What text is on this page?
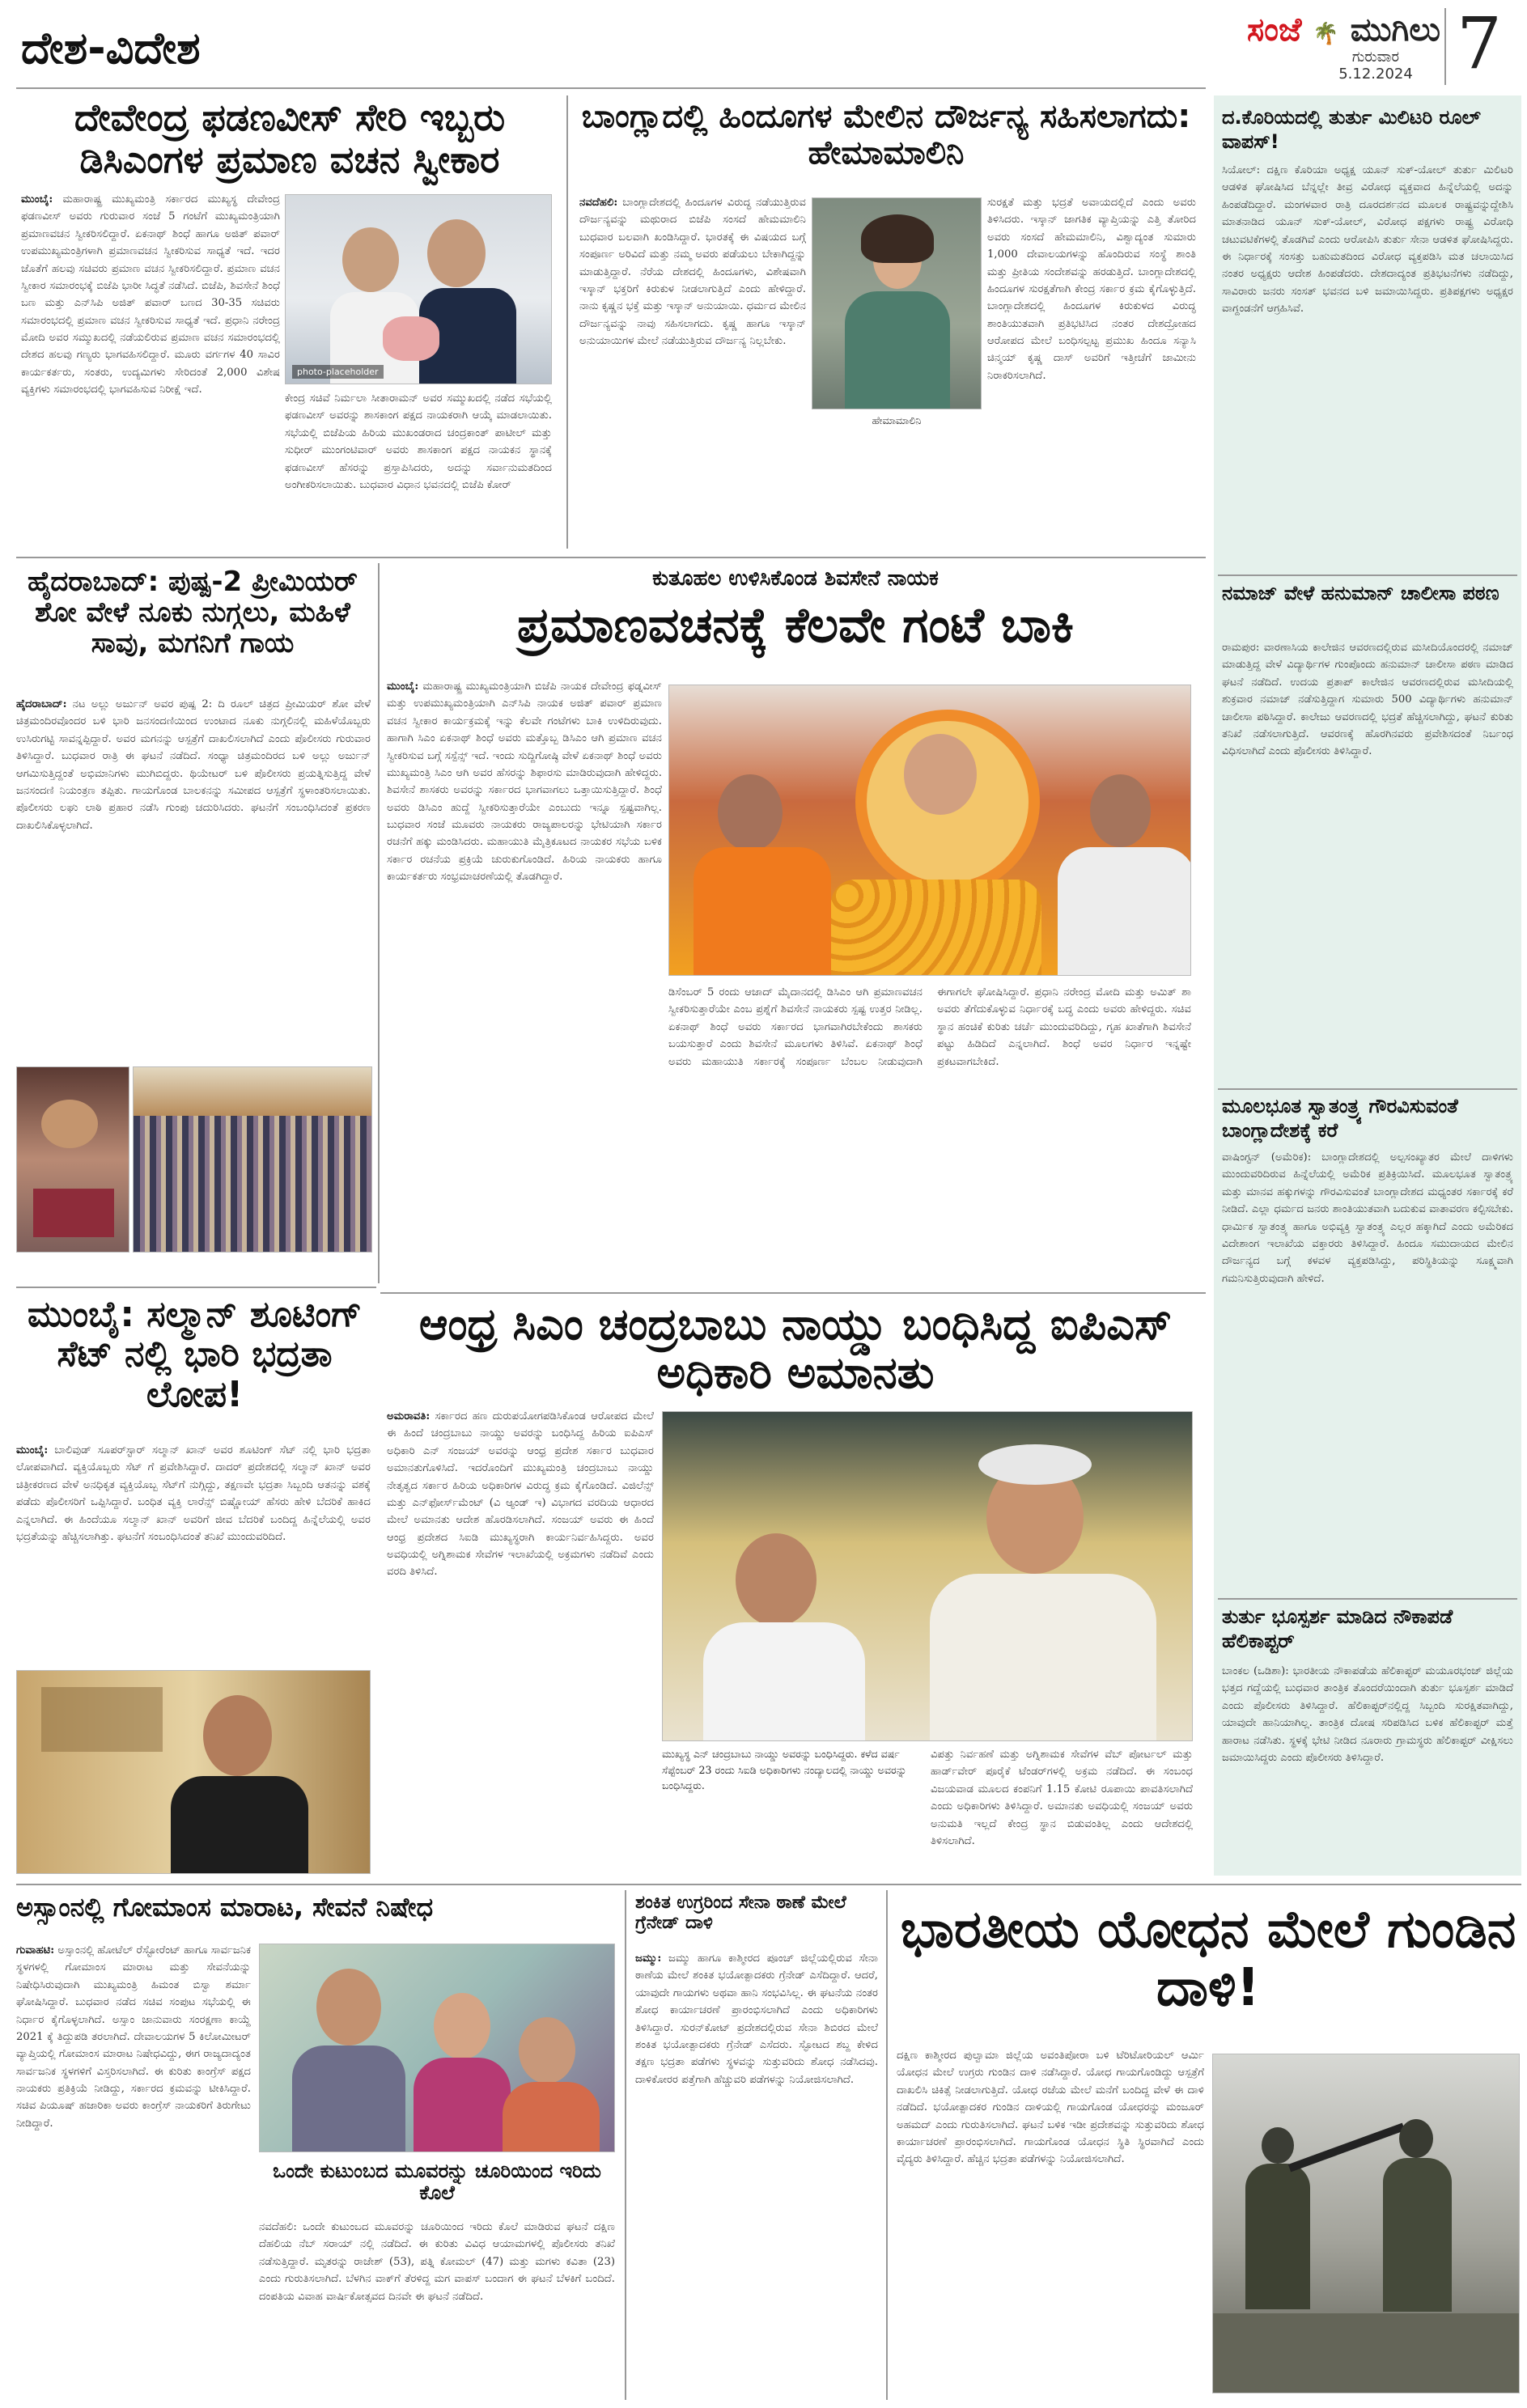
ದೇಶ-ವಿದೇಶ	ಸಂಜೆ 🌴 ಮುಗಿಲು
ಗುರುವಾರ
5.12.2024 7
ದೇವೇಂದ್ರ ಫಡಣವೀಸ್ ಸೇರಿ ಇಬ್ಬರು ಡಿಸಿಎಂಗಳ ಪ್ರಮಾಣ ವಚನ ಸ್ವೀಕಾರ
ಮುಂಬೈ: ಮಹಾರಾಷ್ಟ್ರ ಮುಖ್ಯಮಂತ್ರಿ ಸರ್ಕಾರದ ಮುಖ್ಯಸ್ಥ ದೇವೇಂದ್ರ ಫಡಣವೀಸ್ ಅವರು ಗುರುವಾರ ಸಂಜೆ 5 ಗಂಟೆಗೆ ಮುಖ್ಯಮಂತ್ರಿಯಾಗಿ ಪ್ರಮಾಣವಚನ ಸ್ವೀಕರಿಸಲಿದ್ದಾರೆ. ಏಕನಾಥ್ ಶಿಂಧೆ ಹಾಗೂ ಅಜಿತ್ ಪವಾರ್ ಉಪಮುಖ್ಯಮಂತ್ರಿಗಳಾಗಿ ಪ್ರಮಾಣವಚನ ಸ್ವೀಕರಿಸುವ ಸಾಧ್ಯತೆ ಇದೆ. ಇದರ ಜೊತೆಗೆ ಹಲವು ಸಚಿವರು ಪ್ರಮಾಣ ವಚನ ಸ್ವೀಕರಿಸಲಿದ್ದಾರೆ. ಪ್ರಮಾಣ ವಚನ ಸ್ವೀಕಾರ ಸಮಾರಂಭಕ್ಕೆ ಬಿಜೆಪಿ ಭಾರೀ ಸಿದ್ಧತೆ ನಡೆಸಿದೆ. ಬಿಜೆಪಿ, ಶಿವಸೇನೆ ಶಿಂಧೆ ಬಣ ಮತ್ತು ಎನ್‌ಸಿಪಿ ಅಜಿತ್ ಪವಾರ್ ಬಣದ 30-35 ಸಚಿವರು ಸಮಾರಂಭದಲ್ಲಿ ಪ್ರಮಾಣ ವಚನ ಸ್ವೀಕರಿಸುವ ಸಾಧ್ಯತೆ ಇದೆ. ಪ್ರಧಾನಿ ನರೇಂದ್ರ ಮೋದಿ ಅವರ ಸಮ್ಮುಖದಲ್ಲಿ ನಡೆಯಲಿರುವ ಪ್ರಮಾಣ ವಚನ ಸಮಾರಂಭದಲ್ಲಿ ದೇಶದ ಹಲವು ಗಣ್ಯರು ಭಾಗವಹಿಸಲಿದ್ದಾರೆ. ಮೂರು ವರ್ಗಗಳ 40 ಸಾವಿರ ಕಾರ್ಯಕರ್ತರು, ಸಂತರು, ಉದ್ಯಮಿಗಳು ಸೇರಿದಂತೆ 2,000 ವಿಶೇಷ ವ್ಯಕ್ತಿಗಳು ಸಮಾರಂಭದಲ್ಲಿ ಭಾಗವಹಿಸುವ ನಿರೀಕ್ಷೆ ಇದೆ.
photo-placeholder
ಕೇಂದ್ರ ಸಚಿವೆ ನಿರ್ಮಲಾ ಸೀತಾರಾಮನ್ ಅವರ ಸಮ್ಮುಖದಲ್ಲಿ ನಡೆದ ಸಭೆಯಲ್ಲಿ ಫಡಣವೀಸ್ ಅವರನ್ನು ಶಾಸಕಾಂಗ ಪಕ್ಷದ ನಾಯಕರಾಗಿ ಆಯ್ಕೆ ಮಾಡಲಾಯಿತು. ಸಭೆಯಲ್ಲಿ ಬಿಜೆಪಿಯ ಹಿರಿಯ ಮುಖಂಡರಾದ ಚಂದ್ರಕಾಂತ್ ಪಾಟೀಲ್ ಮತ್ತು ಸುಧೀರ್ ಮುಂಗಂಟಿವಾರ್ ಅವರು ಶಾಸಕಾಂಗ ಪಕ್ಷದ ನಾಯಕನ ಸ್ಥಾನಕ್ಕೆ ಫಡಣವೀಸ್ ಹೆಸರನ್ನು ಪ್ರಸ್ತಾಪಿಸಿದರು, ಅದನ್ನು ಸರ್ವಾನುಮತದಿಂದ ಅಂಗೀಕರಿಸಲಾಯಿತು. ಬುಧವಾರ ವಿಧಾನ ಭವನದಲ್ಲಿ ಬಿಜೆಪಿ ಕೋರ್
ಬಾಂಗ್ಲಾದಲ್ಲಿ ಹಿಂದೂಗಳ ಮೇಲಿನ ದೌರ್ಜನ್ಯ ಸಹಿಸಲಾಗದು: ಹೇಮಾಮಾಲಿನಿ
ನವದೆಹಲಿ: ಬಾಂಗ್ಲಾದೇಶದಲ್ಲಿ ಹಿಂದೂಗಳ ವಿರುದ್ಧ ನಡೆಯುತ್ತಿರುವ ದೌರ್ಜನ್ಯವನ್ನು ಮಥುರಾದ ಬಿಜೆಪಿ ಸಂಸದೆ ಹೇಮಮಾಲಿನಿ ಬುಧವಾರ ಬಲವಾಗಿ ಖಂಡಿಸಿದ್ದಾರೆ. ಭಾರತಕ್ಕೆ ಈ ವಿಷಯದ ಬಗ್ಗೆ ಸಂಪೂರ್ಣ ಅರಿವಿದೆ ಮತ್ತು ನಮ್ಮ ಅವರು ಪಡೆಯಲು ಬೇಕಾಗಿದ್ದನ್ನು ಮಾಡುತ್ತಿದ್ದಾರೆ. ನೆರೆಯ ದೇಶದಲ್ಲಿ ಹಿಂದೂಗಳು, ವಿಶೇಷವಾಗಿ ಇಸ್ಕಾನ್ ಭಕ್ತರಿಗೆ ಕಿರುಕುಳ ನೀಡಲಾಗುತ್ತಿದೆ ಎಂದು ಹೇಳಿದ್ದಾರೆ. ನಾನು ಕೃಷ್ಣನ ಭಕ್ತೆ ಮತ್ತು ಇಸ್ಕಾನ್ ಅನುಯಾಯಿ. ಧರ್ಮದ ಮೇಲಿನ ದೌರ್ಜನ್ಯವನ್ನು ನಾವು ಸಹಿಸಲಾಗದು. ಕೃಷ್ಣ ಹಾಗೂ ಇಸ್ಕಾನ್ ಅನುಯಾಯಿಗಳ ಮೇಲೆ ನಡೆಯುತ್ತಿರುವ ದೌರ್ಜನ್ಯ ನಿಲ್ಲಬೇಕು.
ಹೇಮಾಮಾಲಿನಿ
ಸುರಕ್ಷತೆ ಮತ್ತು ಭದ್ರತೆ ಅವಾಯದಲ್ಲಿದೆ ಎಂದು ಅವರು ತಿಳಿಸಿದರು. ಇಸ್ಕಾನ್ ಜಾಗತಿಕ ವ್ಯಾಪ್ತಿಯನ್ನು ಎತ್ತಿ ತೋರಿದ ಅವರು ಸಂಸದೆ ಹೇಮಮಾಲಿನಿ, ವಿಶ್ವಾದ್ಯಂತ ಸುಮಾರು 1,000 ದೇವಾಲಯಗಳನ್ನು ಹೊಂದಿರುವ ಸಂಸ್ಥೆ ಶಾಂತಿ ಮತ್ತು ಪ್ರೀತಿಯ ಸಂದೇಶವನ್ನು ಹರಡುತ್ತಿದೆ. ಬಾಂಗ್ಲಾದೇಶದಲ್ಲಿ ಹಿಂದೂಗಳ ಸುರಕ್ಷತೆಗಾಗಿ ಕೇಂದ್ರ ಸರ್ಕಾರ ಕ್ರಮ ಕೈಗೊಳ್ಳುತ್ತಿದೆ. ಬಾಂಗ್ಲಾದೇಶದಲ್ಲಿ ಹಿಂದೂಗಳ ಕಿರುಕುಳದ ವಿರುದ್ಧ ಶಾಂತಿಯುತವಾಗಿ ಪ್ರತಿಭಟಿಸಿದ ನಂತರ ದೇಶದ್ರೋಹದ ಆರೋಪದ ಮೇಲೆ ಬಂಧಿಸಲ್ಪಟ್ಟ ಪ್ರಮುಖ ಹಿಂದೂ ಸನ್ಯಾಸಿ ಚಿನ್ಮಯ್ ಕೃಷ್ಣ ದಾಸ್ ಅವರಿಗೆ ಇತ್ತೀಚೆಗೆ ಜಾಮೀನು ನಿರಾಕರಿಸಲಾಗಿದೆ.
ದ.ಕೊರಿಯದಲ್ಲಿ ತುರ್ತು ಮಿಲಿಟರಿ ರೂಲ್ ವಾಪಸ್!
ಸಿಯೋಲ್: ದಕ್ಷಿಣ ಕೊರಿಯಾ ಅಧ್ಯಕ್ಷ ಯೂನ್ ಸುಕ್-ಯೋಲ್ ತುರ್ತು ಮಿಲಿಟರಿ ಆಡಳಿತ ಘೋಷಿಸಿದ ಬೆನ್ನಲ್ಲೇ ತೀವ್ರ ವಿರೋಧ ವ್ಯಕ್ತವಾದ ಹಿನ್ನೆಲೆಯಲ್ಲಿ ಅದನ್ನು ಹಿಂಪಡೆದಿದ್ದಾರೆ. ಮಂಗಳವಾರ ರಾತ್ರಿ ದೂರದರ್ಶನದ ಮೂಲಕ ರಾಷ್ಟ್ರವನ್ನುದ್ದೇಶಿಸಿ ಮಾತನಾಡಿದ ಯೂನ್ ಸುಕ್-ಯೋಲ್, ವಿರೋಧ ಪಕ್ಷಗಳು ರಾಷ್ಟ್ರ ವಿರೋಧಿ ಚಟುವಟಿಕೆಗಳಲ್ಲಿ ತೊಡಗಿವೆ ಎಂದು ಆರೋಪಿಸಿ ತುರ್ತು ಸೇನಾ ಆಡಳಿತ ಘೋಷಿಸಿದ್ದರು. ಈ ನಿರ್ಧಾರಕ್ಕೆ ಸಂಸತ್ತು ಬಹುಮತದಿಂದ ವಿರೋಧ ವ್ಯಕ್ತಪಡಿಸಿ ಮತ ಚಲಾಯಿಸಿದ ನಂತರ ಅಧ್ಯಕ್ಷರು ಆದೇಶ ಹಿಂಪಡೆದರು. ದೇಶದಾದ್ಯಂತ ಪ್ರತಿಭಟನೆಗಳು ನಡೆದಿದ್ದು, ಸಾವಿರಾರು ಜನರು ಸಂಸತ್ ಭವನದ ಬಳಿ ಜಮಾಯಿಸಿದ್ದರು. ಪ್ರತಿಪಕ್ಷಗಳು ಅಧ್ಯಕ್ಷರ ವಾಗ್ದಂಡನೆಗೆ ಆಗ್ರಹಿಸಿವೆ.
ನಮಾಜ್ ವೇಳೆ ಹನುಮಾನ್ ಚಾಲೀಸಾ ಪಠಣ
ರಾಮಪುರ: ವಾರಣಾಸಿಯ ಕಾಲೇಜಿನ ಆವರಣದಲ್ಲಿರುವ ಮಸೀದಿಯೊಂದರಲ್ಲಿ ನಮಾಜ್ ಮಾಡುತ್ತಿದ್ದ ವೇಳೆ ವಿದ್ಯಾರ್ಥಿಗಳ ಗುಂಪೊಂದು ಹನುಮಾನ್ ಚಾಲೀಸಾ ಪಠಣ ಮಾಡಿದ ಘಟನೆ ನಡೆದಿದೆ. ಉದಯ ಪ್ರತಾಪ್ ಕಾಲೇಜಿನ ಆವರಣದಲ್ಲಿರುವ ಮಸೀದಿಯಲ್ಲಿ ಶುಕ್ರವಾರ ನಮಾಜ್ ನಡೆಸುತ್ತಿದ್ದಾಗ ಸುಮಾರು 500 ವಿದ್ಯಾರ್ಥಿಗಳು ಹನುಮಾನ್ ಚಾಲೀಸಾ ಪಠಿಸಿದ್ದಾರೆ. ಕಾಲೇಜು ಆವರಣದಲ್ಲಿ ಭದ್ರತೆ ಹೆಚ್ಚಿಸಲಾಗಿದ್ದು, ಘಟನೆ ಕುರಿತು ತನಿಖೆ ನಡೆಸಲಾಗುತ್ತಿದೆ. ಆವರಣಕ್ಕೆ ಹೊರಗಿನವರು ಪ್ರವೇಶಿಸದಂತೆ ನಿರ್ಬಂಧ ವಿಧಿಸಲಾಗಿದೆ ಎಂದು ಪೊಲೀಸರು ತಿಳಿಸಿದ್ದಾರೆ.
ಮೂಲಭೂತ ಸ್ವಾತಂತ್ರ್ಯ ಗೌರವಿಸುವಂತೆ ಬಾಂಗ್ಲಾದೇಶಕ್ಕೆ ಕರೆ
ವಾಷಿಂಗ್ಟನ್ (ಅಮೆರಿಕ): ಬಾಂಗ್ಲಾದೇಶದಲ್ಲಿ ಅಲ್ಪಸಂಖ್ಯಾತರ ಮೇಲೆ ದಾಳಿಗಳು ಮುಂದುವರಿದಿರುವ ಹಿನ್ನೆಲೆಯಲ್ಲಿ ಅಮೆರಿಕ ಪ್ರತಿಕ್ರಿಯಿಸಿದೆ. ಮೂಲಭೂತ ಸ್ವಾತಂತ್ರ್ಯ ಮತ್ತು ಮಾನವ ಹಕ್ಕುಗಳನ್ನು ಗೌರವಿಸುವಂತೆ ಬಾಂಗ್ಲಾದೇಶದ ಮಧ್ಯಂತರ ಸರ್ಕಾರಕ್ಕೆ ಕರೆ ನೀಡಿದೆ. ಎಲ್ಲಾ ಧರ್ಮದ ಜನರು ಶಾಂತಿಯುತವಾಗಿ ಬದುಕುವ ವಾತಾವರಣ ಕಲ್ಪಿಸಬೇಕು. ಧಾರ್ಮಿಕ ಸ್ವಾತಂತ್ರ್ಯ ಹಾಗೂ ಅಭಿವ್ಯಕ್ತಿ ಸ್ವಾತಂತ್ರ್ಯ ಎಲ್ಲರ ಹಕ್ಕಾಗಿದೆ ಎಂದು ಅಮೆರಿಕದ ವಿದೇಶಾಂಗ ಇಲಾಖೆಯ ವಕ್ತಾರರು ತಿಳಿಸಿದ್ದಾರೆ. ಹಿಂದೂ ಸಮುದಾಯದ ಮೇಲಿನ ದೌರ್ಜನ್ಯದ ಬಗ್ಗೆ ಕಳವಳ ವ್ಯಕ್ತಪಡಿಸಿದ್ದು, ಪರಿಸ್ಥಿತಿಯನ್ನು ಸೂಕ್ಷ್ಮವಾಗಿ ಗಮನಿಸುತ್ತಿರುವುದಾಗಿ ಹೇಳಿದೆ.
ತುರ್ತು ಭೂಸ್ಪರ್ಶ ಮಾಡಿದ ನೌಕಾಪಡೆ ಹೆಲಿಕಾಪ್ಟರ್
ಬಾಂಕಲ (ಒಡಿಶಾ): ಭಾರತೀಯ ನೌಕಾಪಡೆಯ ಹೆಲಿಕಾಪ್ಟರ್ ಮಯೂರಭಂಜ್ ಜಿಲ್ಲೆಯ ಭತ್ತದ ಗದ್ದೆಯಲ್ಲಿ ಬುಧವಾರ ತಾಂತ್ರಿಕ ತೊಂದರೆಯಿಂದಾಗಿ ತುರ್ತು ಭೂಸ್ಪರ್ಶ ಮಾಡಿದೆ ಎಂದು ಪೊಲೀಸರು ತಿಳಿಸಿದ್ದಾರೆ. ಹೆಲಿಕಾಪ್ಟರ್‌ನಲ್ಲಿದ್ದ ಸಿಬ್ಬಂದಿ ಸುರಕ್ಷಿತವಾಗಿದ್ದು, ಯಾವುದೇ ಹಾನಿಯಾಗಿಲ್ಲ. ತಾಂತ್ರಿಕ ದೋಷ ಸರಿಪಡಿಸಿದ ಬಳಿಕ ಹೆಲಿಕಾಪ್ಟರ್ ಮತ್ತೆ ಹಾರಾಟ ನಡೆಸಿತು. ಸ್ಥಳಕ್ಕೆ ಭೇಟಿ ನೀಡಿದ ನೂರಾರು ಗ್ರಾಮಸ್ಥರು ಹೆಲಿಕಾಪ್ಟರ್ ವೀಕ್ಷಿಸಲು ಜಮಾಯಿಸಿದ್ದರು ಎಂದು ಪೊಲೀಸರು ತಿಳಿಸಿದ್ದಾರೆ.
ಹೈದರಾಬಾದ್: ಪುಷ್ಪ-2 ಪ್ರೀಮಿಯರ್ ಶೋ ವೇಳೆ ನೂಕು ನುಗ್ಗಲು, ಮಹಿಳೆ ಸಾವು, ಮಗನಿಗೆ ಗಾಯ
ಹೈದರಾಬಾದ್: ನಟ ಅಲ್ಲು ಅರ್ಜುನ್ ಅವರ ಪುಷ್ಪ 2: ದಿ ರೂಲ್ ಚಿತ್ರದ ಪ್ರೀಮಿಯರ್ ಶೋ ವೇಳೆ ಚಿತ್ರಮಂದಿರವೊಂದರ ಬಳಿ ಭಾರಿ ಜನಸಂದಣಿಯಿಂದ ಉಂಟಾದ ನೂಕು ನುಗ್ಗಲಿನಲ್ಲಿ ಮಹಿಳೆಯೊಬ್ಬರು ಉಸಿರುಗಟ್ಟಿ ಸಾವನ್ನಪ್ಪಿದ್ದಾರೆ. ಅವರ ಮಗನನ್ನು ಆಸ್ಪತ್ರೆಗೆ ದಾಖಲಿಸಲಾಗಿದೆ ಎಂದು ಪೊಲೀಸರು ಗುರುವಾರ ತಿಳಿಸಿದ್ದಾರೆ. ಬುಧವಾರ ರಾತ್ರಿ ಈ ಘಟನೆ ನಡೆದಿದೆ. ಸಂಧ್ಯಾ ಚಿತ್ರಮಂದಿರದ ಬಳಿ ಅಲ್ಲು ಅರ್ಜುನ್ ಆಗಮಿಸುತ್ತಿದ್ದಂತೆ ಅಭಿಮಾನಿಗಳು ಮುಗಿಬಿದ್ದರು. ಥಿಯೇಟರ್ ಬಳಿ ಪೊಲೀಸರು ಪ್ರಯತ್ನಿಸುತ್ತಿದ್ದ ವೇಳೆ ಜನಸಂದಣಿ ನಿಯಂತ್ರಣ ತಪ್ಪಿತು. ಗಾಯಗೊಂಡ ಬಾಲಕನನ್ನು ಸಮೀಪದ ಆಸ್ಪತ್ರೆಗೆ ಸ್ಥಳಾಂತರಿಸಲಾಯಿತು. ಪೊಲೀಸರು ಲಘು ಲಾಠಿ ಪ್ರಹಾರ ನಡೆಸಿ ಗುಂಪು ಚದುರಿಸಿದರು. ಘಟನೆಗೆ ಸಂಬಂಧಿಸಿದಂತೆ ಪ್ರಕರಣ ದಾಖಲಿಸಿಕೊಳ್ಳಲಾಗಿದೆ.
ಕುತೂಹಲ ಉಳಿಸಿಕೊಂಡ ಶಿವಸೇನೆ ನಾಯಕ
ಪ್ರಮಾಣವಚನಕ್ಕೆ ಕೆಲವೇ ಗಂಟೆ ಬಾಕಿ
ಮುಂಬೈ: ಮಹಾರಾಷ್ಟ್ರ ಮುಖ್ಯಮಂತ್ರಿಯಾಗಿ ಬಿಜೆಪಿ ನಾಯಕ ದೇವೇಂದ್ರ ಫಡ್ನವೀಸ್ ಮತ್ತು ಉಪಮುಖ್ಯಮಂತ್ರಿಯಾಗಿ ಎನ್‌ಸಿಪಿ ನಾಯಕ ಅಜಿತ್ ಪವಾರ್ ಪ್ರಮಾಣ ವಚನ ಸ್ವೀಕಾರ ಕಾರ್ಯಕ್ರಮಕ್ಕೆ ಇನ್ನು ಕೆಲವೇ ಗಂಟೆಗಳು ಬಾಕಿ ಉಳಿದಿರುವುದು. ಹಾಗಾಗಿ ಸಿಎಂ ಏಕನಾಥ್ ಶಿಂಧೆ ಅವರು ಮತ್ತೊಬ್ಬ ಡಿಸಿಎಂ ಆಗಿ ಪ್ರಮಾಣ ವಚನ ಸ್ವೀಕರಿಸುವ ಬಗ್ಗೆ ಸಸ್ಪೆನ್ಸ್ ಇದೆ. ಇಂದು ಸುದ್ದಿಗೋಷ್ಠಿ ವೇಳೆ ಏಕನಾಥ್ ಶಿಂಧೆ ಅವರು ಮುಖ್ಯಮಂತ್ರಿ ಸಿಎಂ ಆಗಿ ಅವರ ಹೆಸರನ್ನು ಶಿಫಾರಸು ಮಾಡಿರುವುದಾಗಿ ಹೇಳಿದ್ದರು. ಶಿವಸೇನೆ ಶಾಸಕರು ಅವರನ್ನು ಸರ್ಕಾರದ ಭಾಗವಾಗಲು ಒತ್ತಾಯಿಸುತ್ತಿದ್ದಾರೆ. ಶಿಂಧೆ ಅವರು ಡಿಸಿಎಂ ಹುದ್ದೆ ಸ್ವೀಕರಿಸುತ್ತಾರೆಯೇ ಎಂಬುದು ಇನ್ನೂ ಸ್ಪಷ್ಟವಾಗಿಲ್ಲ. ಬುಧವಾರ ಸಂಜೆ ಮೂವರು ನಾಯಕರು ರಾಜ್ಯಪಾಲರನ್ನು ಭೇಟಿಯಾಗಿ ಸರ್ಕಾರ ರಚನೆಗೆ ಹಕ್ಕು ಮಂಡಿಸಿದರು. ಮಹಾಯುತಿ ಮೈತ್ರಿಕೂಟದ ನಾಯಕರ ಸಭೆಯ ಬಳಿಕ ಸರ್ಕಾರ ರಚನೆಯ ಪ್ರಕ್ರಿಯೆ ಚುರುಕುಗೊಂಡಿದೆ. ಹಿರಿಯ ನಾಯಕರು ಹಾಗೂ ಕಾರ್ಯಕರ್ತರು ಸಂಭ್ರಮಾಚರಣೆಯಲ್ಲಿ ತೊಡಗಿದ್ದಾರೆ.
ಡಿಸೆಂಬರ್ 5 ರಂದು ಆಜಾದ್ ಮೈದಾನದಲ್ಲಿ ಡಿಸಿಎಂ ಆಗಿ ಪ್ರಮಾಣವಚನ ಸ್ವೀಕರಿಸುತ್ತಾರೆಯೇ ಎಂಬ ಪ್ರಶ್ನೆಗೆ ಶಿವಸೇನೆ ನಾಯಕರು ಸ್ಪಷ್ಟ ಉತ್ತರ ನೀಡಿಲ್ಲ. ಏಕನಾಥ್ ಶಿಂಧೆ ಅವರು ಸರ್ಕಾರದ ಭಾಗವಾಗಿರಬೇಕೆಂದು ಶಾಸಕರು ಬಯಸುತ್ತಾರೆ ಎಂದು ಶಿವಸೇನೆ ಮೂಲಗಳು ತಿಳಿಸಿವೆ. ಏಕನಾಥ್ ಶಿಂಧೆ ಅವರು ಮಹಾಯುತಿ ಸರ್ಕಾರಕ್ಕೆ ಸಂಪೂರ್ಣ ಬೆಂಬಲ ನೀಡುವುದಾಗಿ ಈಗಾಗಲೇ ಘೋಷಿಸಿದ್ದಾರೆ. ಪ್ರಧಾನಿ ನರೇಂದ್ರ ಮೋದಿ ಮತ್ತು ಅಮಿತ್ ಶಾ ಅವರು ತೆಗೆದುಕೊಳ್ಳುವ ನಿರ್ಧಾರಕ್ಕೆ ಬದ್ಧ ಎಂದು ಅವರು ಹೇಳಿದ್ದರು. ಸಚಿವ ಸ್ಥಾನ ಹಂಚಿಕೆ ಕುರಿತು ಚರ್ಚೆ ಮುಂದುವರಿದಿದ್ದು, ಗೃಹ ಖಾತೆಗಾಗಿ ಶಿವಸೇನೆ ಪಟ್ಟು ಹಿಡಿದಿದೆ ಎನ್ನಲಾಗಿದೆ. ಶಿಂಧೆ ಅವರ ನಿರ್ಧಾರ ಇನ್ನಷ್ಟೇ ಪ್ರಕಟವಾಗಬೇಕಿದೆ.
ಮುಂಬೈ: ಸಲ್ಮಾನ್ ಶೂಟಿಂಗ್ ಸೆಟ್ ನಲ್ಲಿ ಭಾರಿ ಭದ್ರತಾ ಲೋಪ!
ಮುಂಬೈ: ಬಾಲಿವುಡ್ ಸೂಪರ್‌ಸ್ಟಾರ್ ಸಲ್ಮಾನ್ ಖಾನ್ ಅವರ ಶೂಟಿಂಗ್ ಸೆಟ್ ನಲ್ಲಿ ಭಾರಿ ಭದ್ರತಾ ಲೋಪವಾಗಿದೆ. ವ್ಯಕ್ತಿಯೊಬ್ಬರು ಸೆಟ್ ಗೆ ಪ್ರವೇಶಿಸಿದ್ದಾರೆ. ದಾದರ್ ಪ್ರದೇಶದಲ್ಲಿ ಸಲ್ಮಾನ್ ಖಾನ್ ಅವರ ಚಿತ್ರೀಕರಣದ ವೇಳೆ ಅನಧಿಕೃತ ವ್ಯಕ್ತಿಯೊಬ್ಬ ಸೆಟ್‌ಗೆ ನುಗ್ಗಿದ್ದು, ತಕ್ಷಣವೇ ಭದ್ರತಾ ಸಿಬ್ಬಂದಿ ಆತನನ್ನು ವಶಕ್ಕೆ ಪಡೆದು ಪೊಲೀಸರಿಗೆ ಒಪ್ಪಿಸಿದ್ದಾರೆ. ಬಂಧಿತ ವ್ಯಕ್ತಿ ಲಾರೆನ್ಸ್ ಬಿಷ್ಣೋಯ್ ಹೆಸರು ಹೇಳಿ ಬೆದರಿಕೆ ಹಾಕಿದ ಎನ್ನಲಾಗಿದೆ. ಈ ಹಿಂದೆಯೂ ಸಲ್ಮಾನ್ ಖಾನ್ ಅವರಿಗೆ ಜೀವ ಬೆದರಿಕೆ ಬಂದಿದ್ದ ಹಿನ್ನೆಲೆಯಲ್ಲಿ ಅವರ ಭದ್ರತೆಯನ್ನು ಹೆಚ್ಚಿಸಲಾಗಿತ್ತು. ಘಟನೆಗೆ ಸಂಬಂಧಿಸಿದಂತೆ ತನಿಖೆ ಮುಂದುವರಿದಿದೆ.
ಆಂಧ್ರ ಸಿಎಂ ಚಂದ್ರಬಾಬು ನಾಯ್ಡು ಬಂಧಿಸಿದ್ದ ಐಪಿಎಸ್ ಅಧಿಕಾರಿ ಅಮಾನತು
ಅಮರಾವತಿ: ಸರ್ಕಾರದ ಹಣ ದುರುಪಯೋಗಪಡಿಸಿಕೊಂಡ ಆರೋಪದ ಮೇಲೆ ಈ ಹಿಂದೆ ಚಂದ್ರಬಾಬು ನಾಯ್ಡು ಅವರನ್ನು ಬಂಧಿಸಿದ್ದ ಹಿರಿಯ ಐಪಿಎಸ್ ಅಧಿಕಾರಿ ಎನ್ ಸಂಜಯ್ ಅವರನ್ನು ಆಂಧ್ರ ಪ್ರದೇಶ ಸರ್ಕಾರ ಬುಧವಾರ ಅಮಾನತುಗೊಳಿಸಿದೆ. ಇದರೊಂದಿಗೆ ಮುಖ್ಯಮಂತ್ರಿ ಚಂದ್ರಬಾಬು ನಾಯ್ಡು ನೇತೃತ್ವದ ಸರ್ಕಾರ ಹಿರಿಯ ಅಧಿಕಾರಿಗಳ ವಿರುದ್ಧ ಕ್ರಮ ಕೈಗೊಂಡಿದೆ. ವಿಜಿಲೆನ್ಸ್ ಮತ್ತು ಎನ್‌ಫೋರ್ಸ್‌ಮೆಂಟ್ (ವಿ ಆ್ಯಂಡ್ ಇ) ವಿಭಾಗದ ವರದಿಯ ಆಧಾರದ ಮೇಲೆ ಅಮಾನತು ಆದೇಶ ಹೊರಡಿಸಲಾಗಿದೆ. ಸಂಜಯ್ ಅವರು ಈ ಹಿಂದೆ ಆಂಧ್ರ ಪ್ರದೇಶದ ಸಿಐಡಿ ಮುಖ್ಯಸ್ಥರಾಗಿ ಕಾರ್ಯನಿರ್ವಹಿಸಿದ್ದರು. ಅವರ ಅವಧಿಯಲ್ಲಿ ಅಗ್ನಿಶಾಮಕ ಸೇವೆಗಳ ಇಲಾಖೆಯಲ್ಲಿ ಅಕ್ರಮಗಳು ನಡೆದಿವೆ ಎಂದು ವರದಿ ತಿಳಿಸಿದೆ.
ಮುಖ್ಯಸ್ಥ ಎನ್ ಚಂದ್ರಬಾಬು ನಾಯ್ಡು ಅವರನ್ನು ಬಂಧಿಸಿದ್ದರು. ಕಳೆದ ವರ್ಷ ಸೆಪ್ಟೆಂಬರ್ 23 ರಂದು ಸಿಐಡಿ ಅಧಿಕಾರಿಗಳು ನಂದ್ಯಾಲದಲ್ಲಿ ನಾಯ್ಡು ಅವರನ್ನು ಬಂಧಿಸಿದ್ದರು.
ವಿಪತ್ತು ನಿರ್ವಹಣೆ ಮತ್ತು ಅಗ್ನಿಶಾಮಕ ಸೇವೆಗಳ ವೆಬ್ ಪೋರ್ಟಲ್ ಮತ್ತು ಹಾರ್ಡ್‌ವೇರ್ ಪೂರೈಕೆ ಟೆಂಡರ್‌ಗಳಲ್ಲಿ ಅಕ್ರಮ ನಡೆದಿದೆ. ಈ ಸಂಬಂಧ ವಿಜಯವಾಡ ಮೂಲದ ಕಂಪನಿಗೆ 1.15 ಕೋಟಿ ರೂಪಾಯಿ ಪಾವತಿಸಲಾಗಿದೆ ಎಂದು ಅಧಿಕಾರಿಗಳು ತಿಳಿಸಿದ್ದಾರೆ. ಅಮಾನತು ಅವಧಿಯಲ್ಲಿ ಸಂಜಯ್ ಅವರು ಅನುಮತಿ ಇಲ್ಲದೆ ಕೇಂದ್ರ ಸ್ಥಾನ ಬಿಡುವಂತಿಲ್ಲ ಎಂದು ಆದೇಶದಲ್ಲಿ ತಿಳಿಸಲಾಗಿದೆ.
ಅಸ್ಸಾಂನಲ್ಲಿ ಗೋಮಾಂಸ ಮಾರಾಟ, ಸೇವನೆ ನಿಷೇಧ
ಗುವಾಹಟಿ: ಅಸ್ಸಾಂನಲ್ಲಿ ಹೋಟೆಲ್ ರೆಸ್ಟೋರೆಂಟ್ ಹಾಗೂ ಸಾರ್ವಜನಿಕ ಸ್ಥಳಗಳಲ್ಲಿ ಗೋಮಾಂಸ ಮಾರಾಟ ಮತ್ತು ಸೇವನೆಯನ್ನು ನಿಷೇಧಿಸಿರುವುದಾಗಿ ಮುಖ್ಯಮಂತ್ರಿ ಹಿಮಂತ ಬಿಸ್ವಾ ಶರ್ಮಾ ಘೋಷಿಸಿದ್ದಾರೆ. ಬುಧವಾರ ನಡೆದ ಸಚಿವ ಸಂಪುಟ ಸಭೆಯಲ್ಲಿ ಈ ನಿರ್ಧಾರ ಕೈಗೊಳ್ಳಲಾಗಿದೆ. ಅಸ್ಸಾಂ ಜಾನುವಾರು ಸಂರಕ್ಷಣಾ ಕಾಯ್ದೆ 2021 ಕ್ಕೆ ತಿದ್ದುಪಡಿ ತರಲಾಗಿದೆ. ದೇವಾಲಯಗಳ 5 ಕಿಲೋಮೀಟರ್ ವ್ಯಾಪ್ತಿಯಲ್ಲಿ ಗೋಮಾಂಸ ಮಾರಾಟ ನಿಷೇಧವಿದ್ದು, ಈಗ ರಾಜ್ಯದಾದ್ಯಂತ ಸಾರ್ವಜನಿಕ ಸ್ಥಳಗಳಿಗೆ ವಿಸ್ತರಿಸಲಾಗಿದೆ. ಈ ಕುರಿತು ಕಾಂಗ್ರೆಸ್ ಪಕ್ಷದ ನಾಯಕರು ಪ್ರತಿಕ್ರಿಯೆ ನೀಡಿದ್ದು, ಸರ್ಕಾರದ ಕ್ರಮವನ್ನು ಟೀಕಿಸಿದ್ದಾರೆ. ಸಚಿವ ಪಿಯೂಷ್ ಹಜಾರಿಕಾ ಅವರು ಕಾಂಗ್ರೆಸ್ ನಾಯಕರಿಗೆ ತಿರುಗೇಟು ನೀಡಿದ್ದಾರೆ.
ಒಂದೇ ಕುಟುಂಬದ ಮೂವರನ್ನು ಚೂರಿಯಿಂದ ಇರಿದು ಕೊಲೆ
ನವದೆಹಲಿ: ಒಂದೇ ಕುಟುಂಬದ ಮೂವರನ್ನು ಚೂರಿಯಿಂದ ಇರಿದು ಕೊಲೆ ಮಾಡಿರುವ ಘಟನೆ ದಕ್ಷಿಣ ದೆಹಲಿಯ ನೆಬ್ ಸರಾಯ್ ನಲ್ಲಿ ನಡೆದಿದೆ. ಈ ಕುರಿತು ವಿವಿಧ ಆಯಾಮಗಳಲ್ಲಿ ಪೊಲೀಸರು ತನಿಖೆ ನಡೆಸುತ್ತಿದ್ದಾರೆ. ಮೃತರನ್ನು ರಾಜೇಶ್ (53), ಪತ್ನಿ ಕೋಮಲ್ (47) ಮತ್ತು ಮಗಳು ಕವಿತಾ (23) ಎಂದು ಗುರುತಿಸಲಾಗಿದೆ. ಬೆಳಗಿನ ವಾಕ್‌ಗೆ ತೆರಳಿದ್ದ ಮಗ ವಾಪಸ್ ಬಂದಾಗ ಈ ಘಟನೆ ಬೆಳಕಿಗೆ ಬಂದಿದೆ. ದಂಪತಿಯ ವಿವಾಹ ವಾರ್ಷಿಕೋತ್ಸವದ ದಿನವೇ ಈ ಘಟನೆ ನಡೆದಿದೆ.
ಶಂಕಿತ ಉಗ್ರರಿಂದ ಸೇನಾ ಠಾಣೆ ಮೇಲೆ ಗ್ರೆನೇಡ್ ದಾಳಿ
ಜಮ್ಮು: ಜಮ್ಮು ಹಾಗೂ ಕಾಶ್ಮೀರದ ಪೂಂಚ್ ಜಿಲ್ಲೆಯಲ್ಲಿರುವ ಸೇನಾ ಠಾಣೆಯ ಮೇಲೆ ಶಂಕಿತ ಭಯೋತ್ಪಾದಕರು ಗ್ರೆನೇಡ್ ಎಸೆದಿದ್ದಾರೆ. ಆದರೆ, ಯಾವುದೇ ಗಾಯಗಳು ಅಥವಾ ಹಾನಿ ಸಂಭವಿಸಿಲ್ಲ. ಈ ಘಟನೆಯ ನಂತರ ಶೋಧ ಕಾರ್ಯಾಚರಣೆ ಪ್ರಾರಂಭಿಸಲಾಗಿದೆ ಎಂದು ಅಧಿಕಾರಿಗಳು ತಿಳಿಸಿದ್ದಾರೆ. ಸುರನ್‌ಕೋಟ್ ಪ್ರದೇಶದಲ್ಲಿರುವ ಸೇನಾ ಶಿಬಿರದ ಮೇಲೆ ಶಂಕಿತ ಭಯೋತ್ಪಾದಕರು ಗ್ರೆನೇಡ್ ಎಸೆದರು. ಸ್ಫೋಟದ ಶಬ್ದ ಕೇಳಿದ ತಕ್ಷಣ ಭದ್ರತಾ ಪಡೆಗಳು ಸ್ಥಳವನ್ನು ಸುತ್ತುವರಿದು ಶೋಧ ನಡೆಸಿದವು. ದಾಳಿಕೋರರ ಪತ್ತೆಗಾಗಿ ಹೆಚ್ಚುವರಿ ಪಡೆಗಳನ್ನು ನಿಯೋಜಿಸಲಾಗಿದೆ.
ಭಾರತೀಯ ಯೋಧನ ಮೇಲೆ ಗುಂಡಿನ ದಾಳಿ!
ದಕ್ಷಿಣ ಕಾಶ್ಮೀರದ ಪುಲ್ವಾಮಾ ಜಿಲ್ಲೆಯ ಅವಂತಿಪೋರಾ ಬಳಿ ಟೆರಿಟೋರಿಯಲ್ ಆರ್ಮಿ ಯೋಧನ ಮೇಲೆ ಉಗ್ರರು ಗುಂಡಿನ ದಾಳಿ ನಡೆಸಿದ್ದಾರೆ. ಯೋಧ ಗಾಯಗೊಂಡಿದ್ದು ಆಸ್ಪತ್ರೆಗೆ ದಾಖಲಿಸಿ ಚಿಕಿತ್ಸೆ ನೀಡಲಾಗುತ್ತಿದೆ. ಯೋಧ ರಜೆಯ ಮೇಲೆ ಮನೆಗೆ ಬಂದಿದ್ದ ವೇಳೆ ಈ ದಾಳಿ ನಡೆದಿದೆ. ಭಯೋತ್ಪಾದಕರ ಗುಂಡಿನ ದಾಳಿಯಲ್ಲಿ ಗಾಯಗೊಂಡ ಯೋಧರನ್ನು ಮಂಜೂರ್ ಅಹಮದ್ ಎಂದು ಗುರುತಿಸಲಾಗಿದೆ. ಘಟನೆ ಬಳಿಕ ಇಡೀ ಪ್ರದೇಶವನ್ನು ಸುತ್ತುವರಿದು ಶೋಧ ಕಾರ್ಯಾಚರಣೆ ಪ್ರಾರಂಭಿಸಲಾಗಿದೆ. ಗಾಯಗೊಂಡ ಯೋಧನ ಸ್ಥಿತಿ ಸ್ಥಿರವಾಗಿದೆ ಎಂದು ವೈದ್ಯರು ತಿಳಿಸಿದ್ದಾರೆ. ಹೆಚ್ಚಿನ ಭದ್ರತಾ ಪಡೆಗಳನ್ನು ನಿಯೋಜಿಸಲಾಗಿದೆ.
